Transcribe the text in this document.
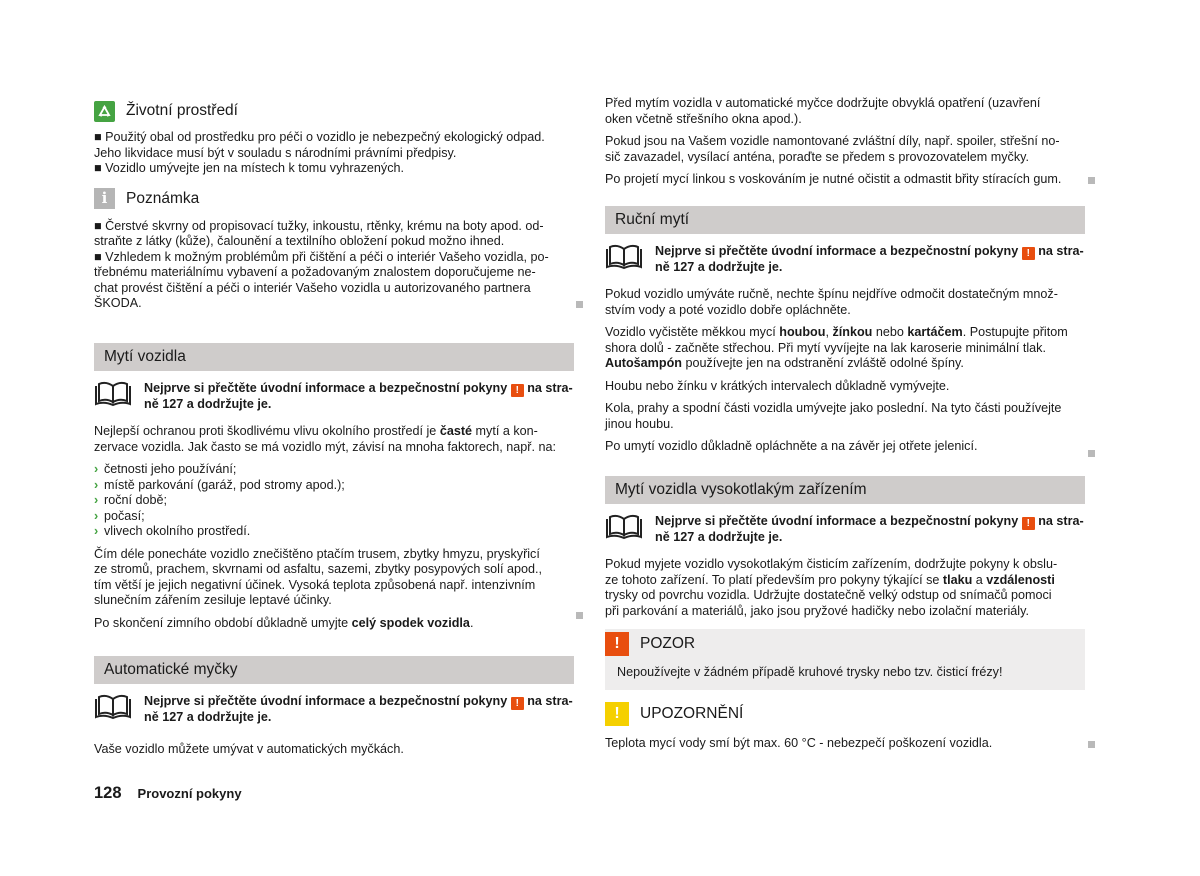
Životní prostředí
■ Použitý obal od prostředku pro péči o vozidlo je nebezpečný ekologický odpad.
Jeho likvidace musí být v souladu s národními právními předpisy.
■ Vozidlo umývejte jen na místech k tomu vyhrazených.
i	Poznámka
■ Čerstvé skvrny od propisovací tužky, inkoustu, rtěnky, krému na boty apod. od-
straňte z látky (kůže), čalounění a textilního obložení pokud možno ihned.
■ Vzhledem k možným problémům při čištění a péči o interiér Vašeho vozidla, po-
třebnému materiálnímu vybavení a požadovaným znalostem doporučujeme ne-
chat provést čištění a péči o interiér Vašeho vozidla u autorizovaného partnera
ŠKODA.
Mytí vozidla
Nejprve si přečtěte úvodní informace a bezpečnostní pokyny ! na stra-
ně 127 a dodržujte je.

Nejlepší ochranou proti škodlivému vlivu okolního prostředí je časté mytí a kon-
zervace vozidla. Jak často se má vozidlo mýt, závisí na mnoha faktorech, např. na:

› četnosti jeho používání;
› místě parkování (garáž, pod stromy apod.);
› roční době;
› počasí;
› vlivech okolního prostředí.

Čím déle ponecháte vozidlo znečištěno ptačím trusem, zbytky hmyzu, pryskyřicí
ze stromů, prachem, skvrnami od asfaltu, sazemi, zbytky posypových solí apod.,
tím větší je jejich negativní účinek. Vysoká teplota způsobená např. intenzivním
slunečním zářením zesiluje leptavé účinky.

Po skončení zimního období důkladně umyjte celý spodek vozidla.

Automatické myčky
Nejprve si přečtěte úvodní informace a bezpečnostní pokyny ! na stra-
ně 127 a dodržujte je.

Vaše vozidlo můžete umývat v automatických myčkách.

Před mytím vozidla v automatické myčce dodržujte obvyklá opatření (uzavření
oken včetně střešního okna apod.).

Pokud jsou na Vašem vozidle namontované zvláštní díly, např. spoiler, střešní no-
sič zavazadel, vysílací anténa, poraďte se předem s provozovatelem myčky.

Po projetí mycí linkou s voskováním je nutné očistit a odmastit břity stíracích gum.

Ruční mytí
Nejprve si přečtěte úvodní informace a bezpečnostní pokyny ! na stra-
ně 127 a dodržujte je.

Pokud vozidlo umýváte ručně, nechte špínu nejdříve odmočit dostatečným množ-
stvím vody a poté vozidlo dobře opláchněte.

Vozidlo vyčistěte měkkou mycí houbou, žínkou nebo kartáčem. Postupujte přitom
shora dolů - začněte střechou. Při mytí vyvíjejte na lak karoserie minimální tlak.
Autošampón používejte jen na odstranění zvláště odolné špíny.

Houbu nebo žínku v krátkých intervalech důkladně vymývejte.

Kola, prahy a spodní části vozidla umývejte jako poslední. Na tyto části používejte
jinou houbu.

Po umytí vozidlo důkladně opláchněte a na závěr jej otřete jelenicí.

Mytí vozidla vysokotlakým zařízením
Nejprve si přečtěte úvodní informace a bezpečnostní pokyny ! na stra-
ně 127 a dodržujte je.

Pokud myjete vozidlo vysokotlakým čisticím zařízením, dodržujte pokyny k obslu-
ze tohoto zařízení. To platí především pro pokyny týkající se tlaku a vzdálenosti
trysky od povrchu vozidla. Udržujte dostatečně velký odstup od snímačů pomoci
při parkování a materiálů, jako jsou pryžové hadičky nebo izolační materiály.

!	POZOR
Nepoužívejte v žádném případě kruhové trysky nebo tzv. čisticí frézy!
!	UPOZORNĚNÍ

Teplota mycí vody smí být max. 60 °C - nebezpečí poškození vozidla.

128 Provozní pokyny
